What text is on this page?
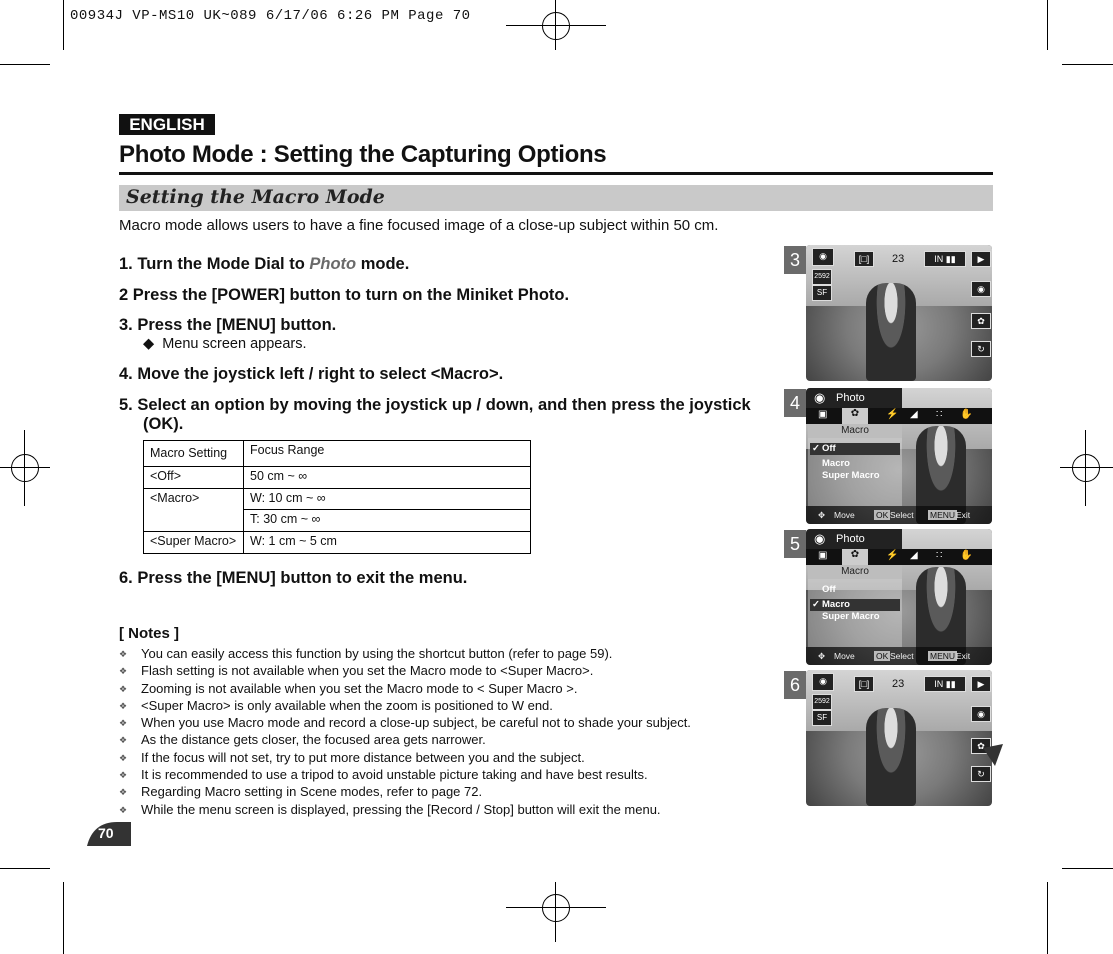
00934J VP-MS10 UK~089 6/17/06 6:26 PM Page 70
ENGLISH
Photo Mode : Setting the Capturing Options
Setting the Macro Mode
Macro mode allows users to have a fine focused image of a close-up subject within 50 cm.
1. Turn the Mode Dial to Photo mode.
2 Press the [POWER] button to turn on the Miniket Photo.
3. Press the [MENU] button.
◆ Menu screen appears.
4. Move the joystick left / right to select <Macro>.
5. Select an option by moving the joystick up / down, and then press the joystick
(OK).
Macro Setting	Focus Range
<Off>	50 cm ~ ∞
<Macro>	W: 10 cm ~ ∞
	T: 30 cm ~ ∞
<Super Macro>	W: 1 cm ~ 5 cm
6. Press the [MENU] button to exit the menu.
[ Notes ]
❖ You can easily access this function by using the shortcut button (refer to page 59).
❖ Flash setting is not available when you set the Macro mode to <Super Macro>.
❖ Zooming is not available when you set the Macro mode to < Super Macro >.
❖ <Super Macro> is only available when the zoom is positioned to W end.
❖ When you use Macro mode and record a close-up subject, be careful not to shade your subject.
❖ As the distance gets closer, the focused area gets narrower.
❖ If the focus will not set, try to put more distance between you and the subject.
❖ It is recommended to use a tripod to avoid unstable picture taking and have best results.
❖ Regarding Macro setting in Scene modes, refer to page 72.
❖ While the menu screen is displayed, pressing the [Record / Stop] button will exit the menu.
70
3	◉	[□]	23
2592
SF
IN ▮▮	▶
◉
✿
↻
4	Photo
◉
▣	✿	⚡ ◢ ∷ ✋
Macro
✓ Off
Macro
Super Macro
✥ Move OK Select MENU Exit
5	Photo
◉
▣	✿	⚡ ◢ ∷ ✋
Macro
Off
✓ Macro
Super Macro
✥ Move OK Select MENU Exit
6	◉	[□]	23
2592
SF
IN ▮▮	▶
◉
✿
↻
